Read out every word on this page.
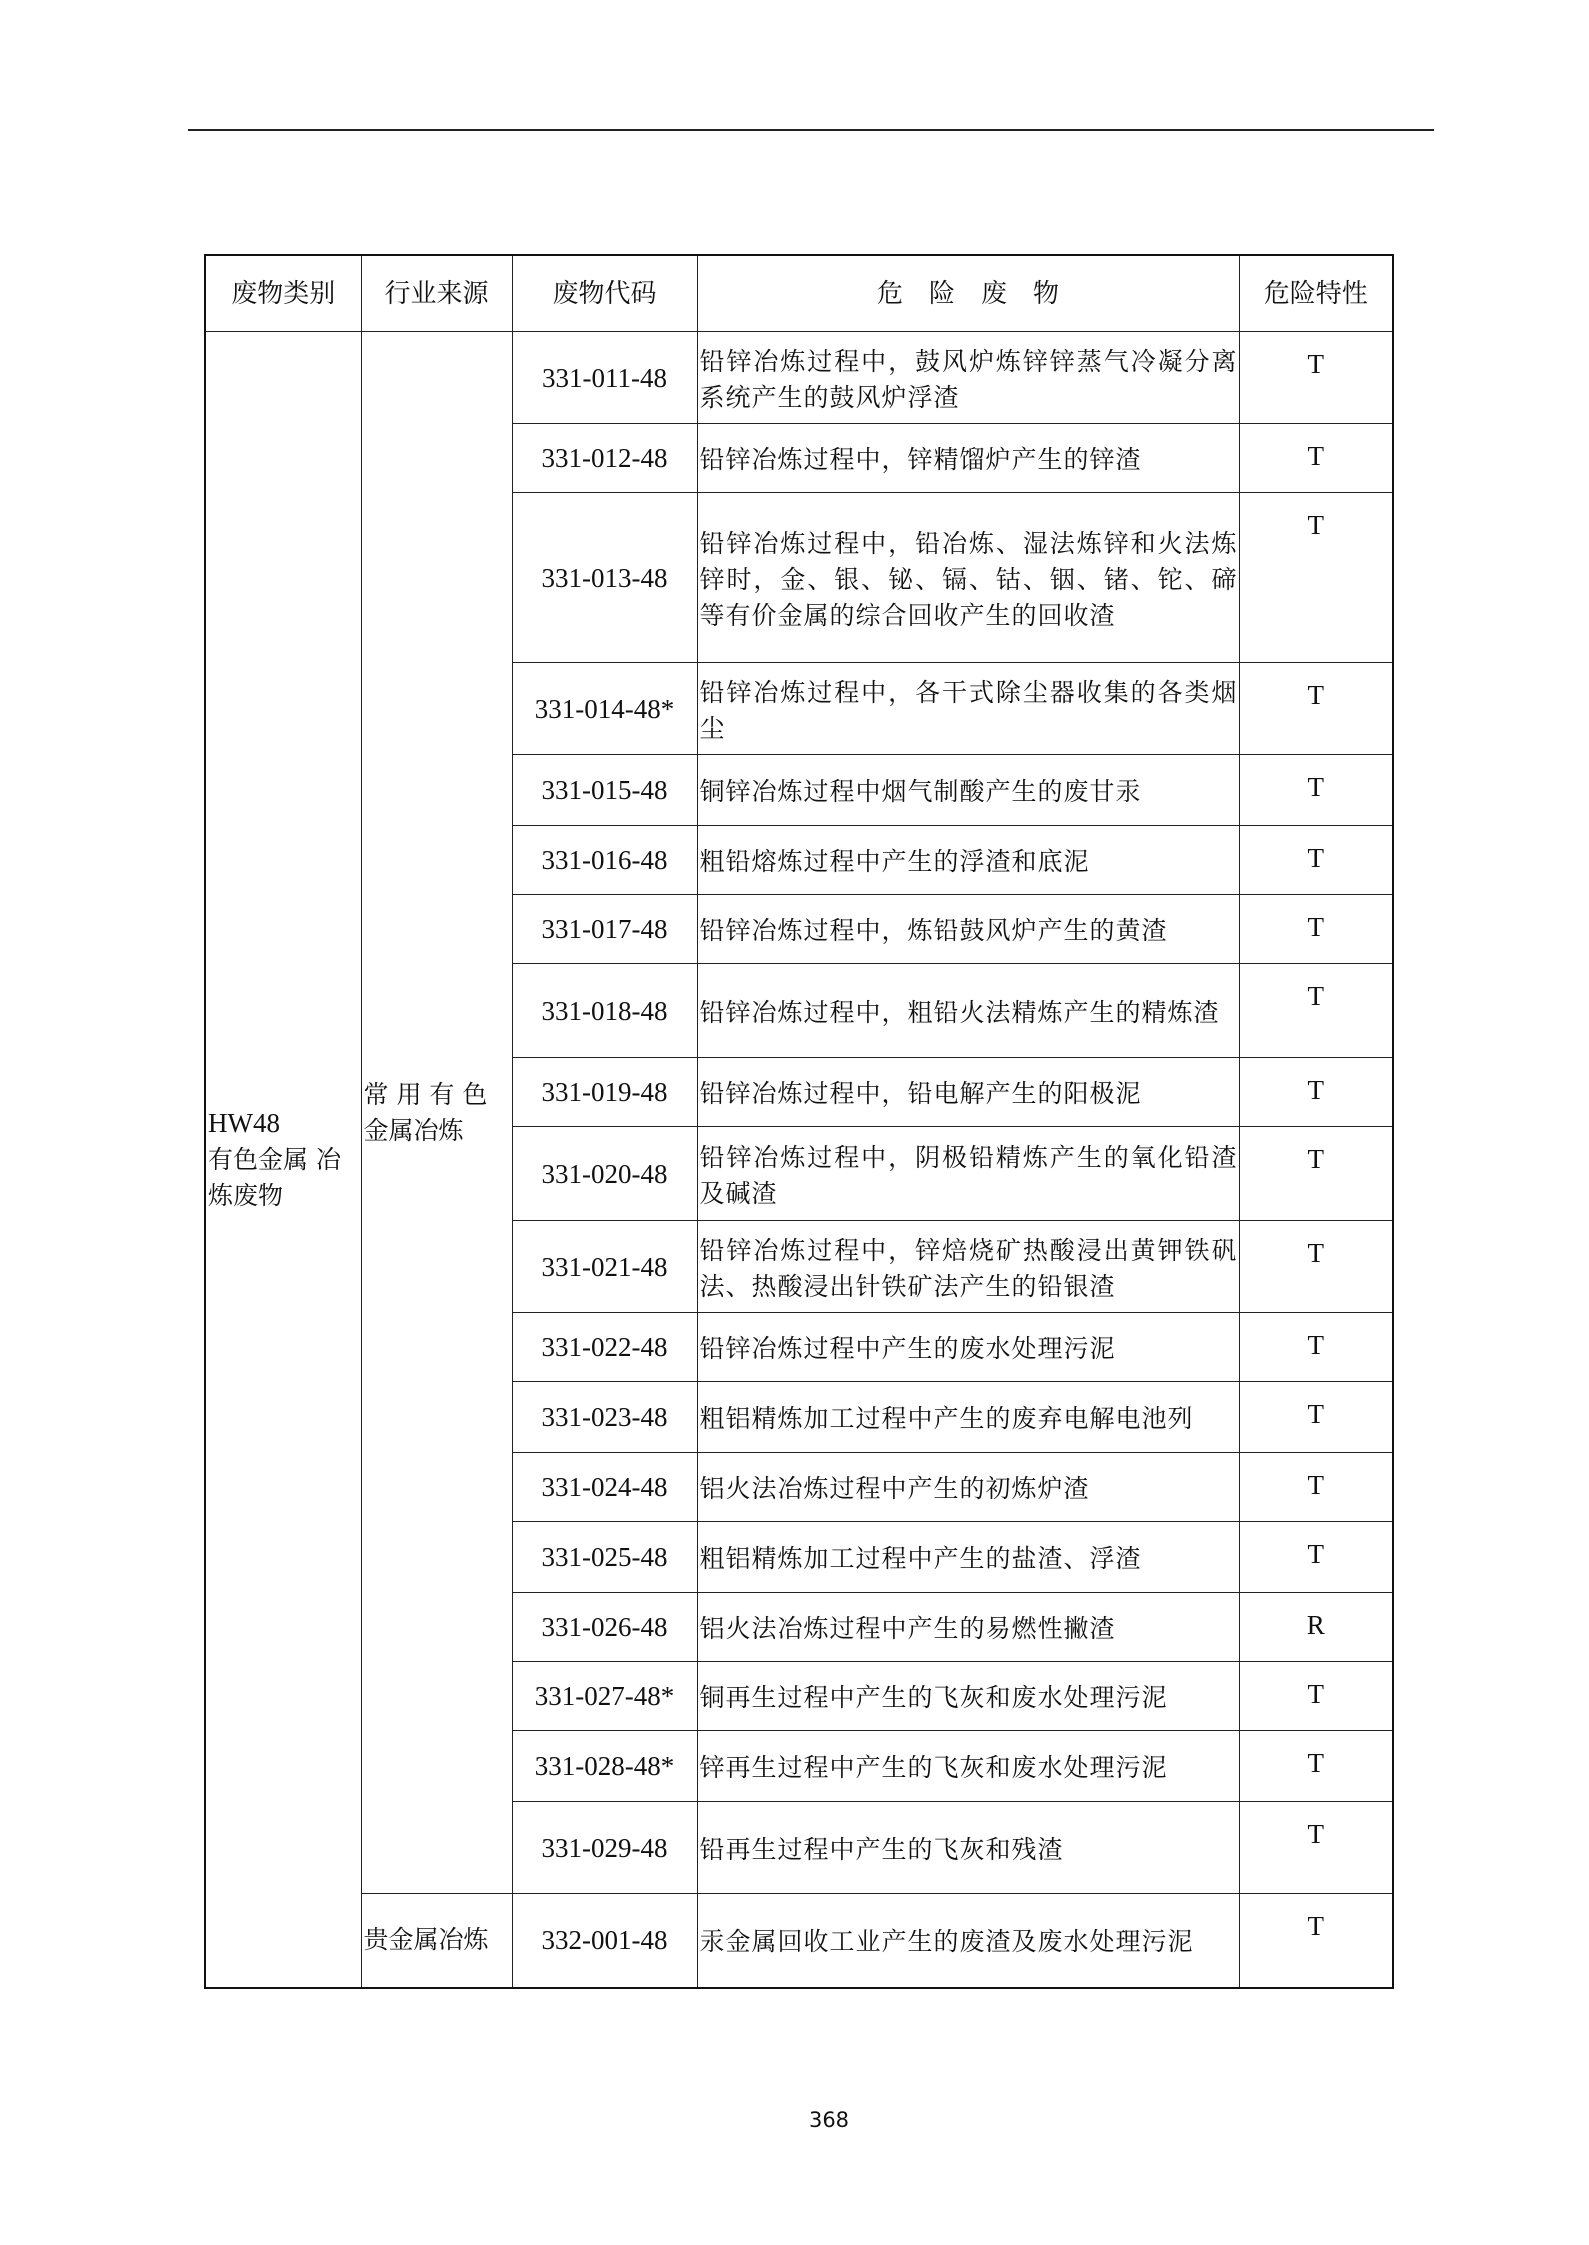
废物类别	行业来源	废物代码	危　险　废　物	危险特性
HW48
有色金属 冶炼废物	常 用 有 色金属冶炼	331-011-48	铅锌冶炼过程中，鼓风炉炼锌锌蒸气冷凝分离系统产生的鼓风炉浮渣	T
		331-012-48	铅锌冶炼过程中，锌精馏炉产生的锌渣	T
		331-013-48	铅锌冶炼过程中，铅冶炼、湿法炼锌和火法炼锌时，金、银、铋、镉、钴、铟、锗、铊、碲等有价金属的综合回收产生的回收渣	T
		331-014-48*	铅锌冶炼过程中，各干式除尘器收集的各类烟尘	T
		331-015-48	铜锌冶炼过程中烟气制酸产生的废甘汞	T
		331-016-48	粗铅熔炼过程中产生的浮渣和底泥	T
		331-017-48	铅锌冶炼过程中，炼铅鼓风炉产生的黄渣	T
		331-018-48	铅锌冶炼过程中，粗铅火法精炼产生的精炼渣	T
		331-019-48	铅锌冶炼过程中，铅电解产生的阳极泥	T
		331-020-48	铅锌冶炼过程中，阴极铅精炼产生的氧化铅渣及碱渣	T
		331-021-48	铅锌冶炼过程中，锌焙烧矿热酸浸出黄钾铁矾法、热酸浸出针铁矿法产生的铅银渣	T
		331-022-48	铅锌冶炼过程中产生的废水处理污泥	T
		331-023-48	粗铝精炼加工过程中产生的废弃电解电池列	T
		331-024-48	铝火法冶炼过程中产生的初炼炉渣	T
		331-025-48	粗铝精炼加工过程中产生的盐渣、浮渣	T
		331-026-48	铝火法冶炼过程中产生的易燃性撇渣	R
		331-027-48*	铜再生过程中产生的飞灰和废水处理污泥	T
		331-028-48*	锌再生过程中产生的飞灰和废水处理污泥	T
		331-029-48	铅再生过程中产生的飞灰和残渣	T
	贵金属冶炼	332-001-48	汞金属回收工业产生的废渣及废水处理污泥	T
368
